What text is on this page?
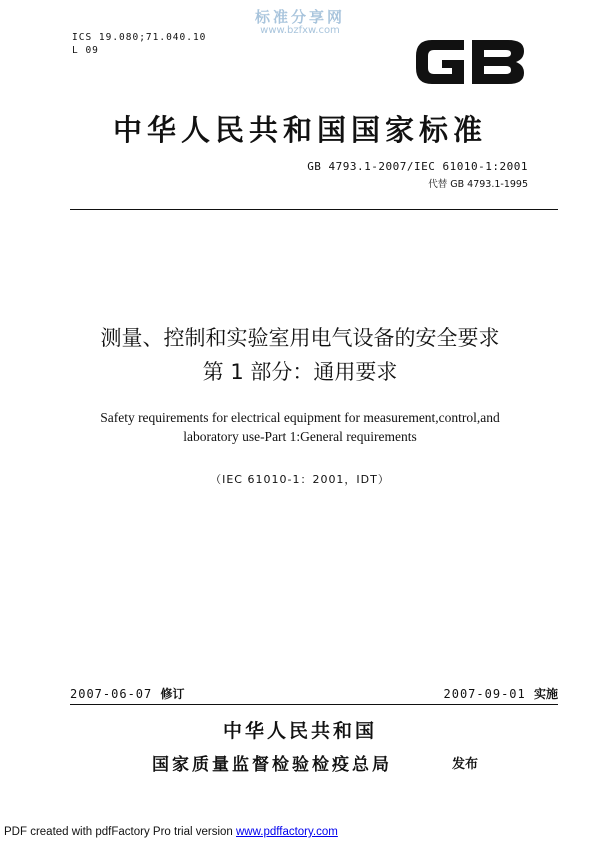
标准分享网
www.bzfxw.com
ICS 19.080;71.040.10
L 09
GB
中华人民共和国国家标准
GB 4793.1-2007/IEC 61010-1:2001
代替 GB 4793.1-1995
测量、控制和实验室用电气设备的安全要求
第 1 部分：通用要求
Safety requirements for electrical equipment for measurement,control,and
laboratory use-Part 1:General requirements
（IEC 61010-1：2001，IDT）
2007-06-07 修订	2007-09-01 实施
中华人民共和国
国家质量监督检验检疫总局	发布
PDF created with pdfFactory Pro trial version www.pdffactory.com
